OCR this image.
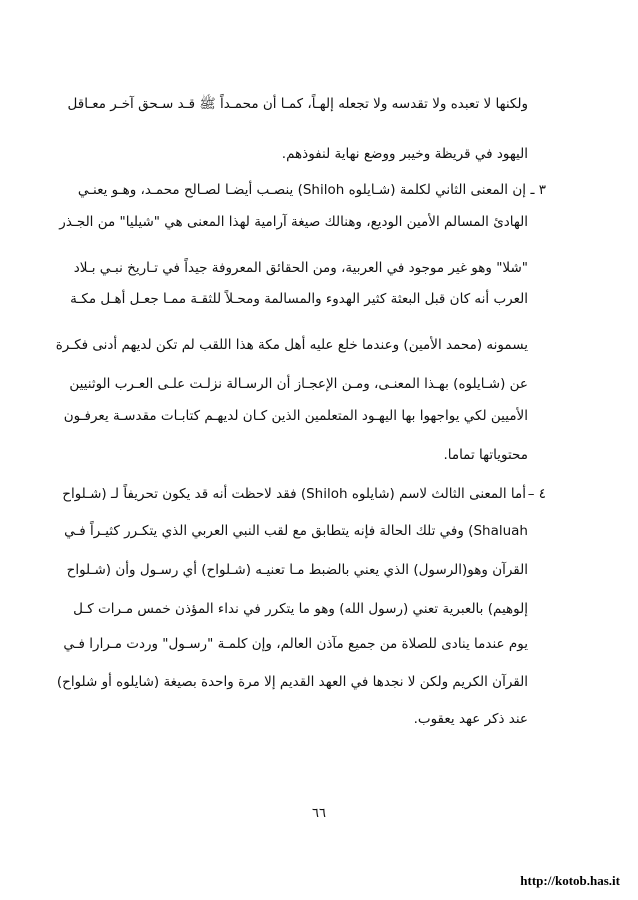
ولكنها لا تعبده ولا تقدسه ولا تجعله إلهـاً، كمـا أن محمـداً ﷺ قـد سـحق آخـر معـاقل
اليهود في قريظة وخيبر ووضع نهاية لنفوذهم.
٣ ـ
إن المعنى الثاني لكلمة (شـايلوه Shiloh) ينصـب أيضـا لصـالح محمـد، وهـو يعنـي
الهادئ المسالم الأمين الوديع، وهنالك صيغة آرامية لهذا المعنى هي "شيليا" من الجـذر
"شلا" وهو غير موجود في العربية، ومن الحقائق المعروفة جيداً في تـاريخ نبـي بـلاد
العرب أنه كان قبل البعثة كثير الهدوء والمسالمة ومحـلاً للثقـة ممـا جعـل أهـل مكـة
يسمونه (محمد الأمين) وعندما خلع عليه أهل مكة هذا اللقب لم تكن لديهم أدنى فكـرة
عن (شـايلوه) بهـذا المعنـى، ومـن الإعجـاز أن الرسـالة نزلـت علـى العـرب الوثنيين
الأميين لكي يواجهوا بها اليهـود المتعلمين الذين كـان لديهـم كتابـات مقدسـة يعرفـون
محتوياتها تماما.
٤ –
أما المعنى الثالث لاسم (شايلوه Shiloh) فقد لاحظت أنه قد يكون تحريفاً لـ (شـلواح
Shaluah) وفي تلك الحالة فإنه يتطابق مع لقب النبي العربي الذي يتكـرر كثيـراً فـي
القرآن وهو(الرسول) الذي يعني بالضبط مـا تعنيـه (شـلواح) أي رسـول وأن (شـلواح
إلوهيم) بالعبرية تعني (رسول الله) وهو ما يتكرر في نداء المؤذن خمس مـرات كـل
يوم عندما ينادى للصلاة من جميع مآذن العالم، وإن كلمـة "رسـول" وردت مـرارا فـي
القرآن الكريم ولكن لا نجدها في العهد القديم إلا مرة واحدة بصيغة (شايلوه أو شلواح)
عند ذكر عهد يعقوب.
٦٦
http://kotob.has.it
